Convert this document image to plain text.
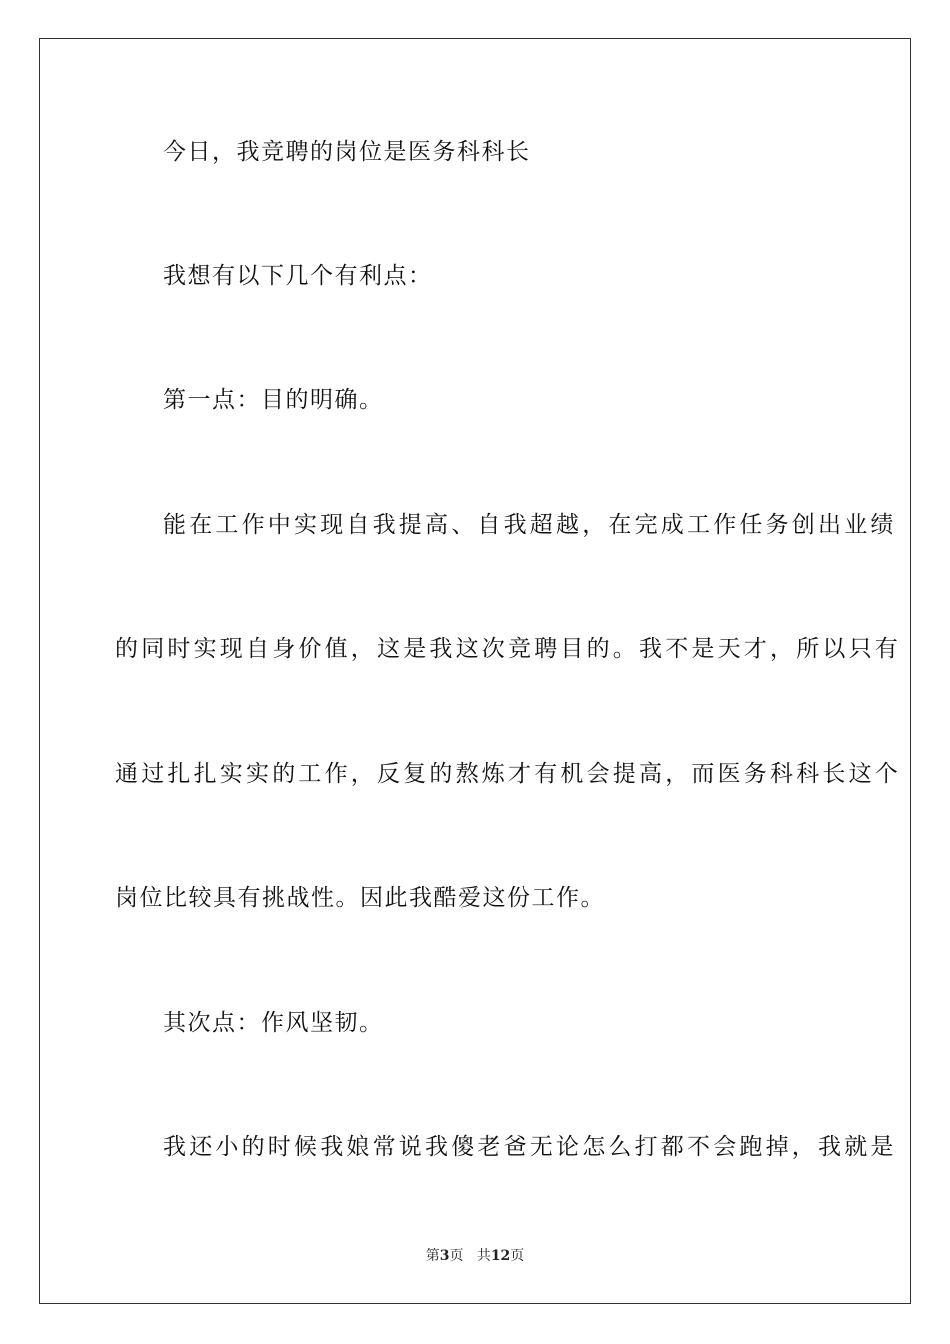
今日，我竞聘的岗位是医务科科长
我想有以下几个有利点：
第一点：目的明确。
能在工作中实现自我提高、自我超越，在完成工作任务创出业绩
的同时实现自身价值，这是我这次竞聘目的。我不是天才，所以只有
通过扎扎实实的工作，反复的熬炼才有机会提高，而医务科科长这个
岗位比较具有挑战性。因此我酷爱这份工作。
其次点：作风坚韧。
我还小的时候我娘常说我傻老爸无论怎么打都不会跑掉，我就是
第3页 共12页
